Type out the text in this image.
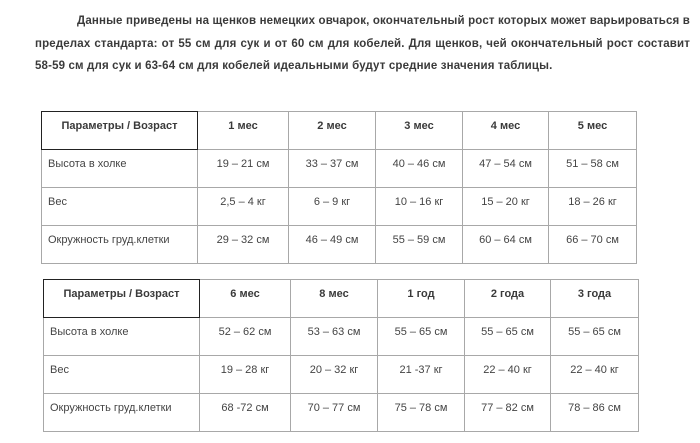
Данные приведены на щенков немецких овчарок, окончательный рост которых может варьироваться в пределах стандарта: от 55 см для сук и от 60 см для кобелей. Для щенков, чей окончательный рост составит 58-59 см для сук и 63-64 см для кобелей идеальными будут средние значения таблицы.
Параметры / Возраст	1 мес	2 мес	3 мес	4 мес	5 мес
Высота в холке	19 – 21 см	33 – 37 см	40 – 46 см	47 – 54 см	51 – 58 см
Вес	2,5 – 4 кг	6 – 9 кг	10 – 16 кг	15 – 20 кг	18 – 26 кг
Окружность груд.клетки	29 – 32 см	46 – 49 см	55 – 59 см	60 – 64 см	66 – 70 см
Параметры / Возраст	6 мес	8 мес	1 год	2 года	3 года
Высота в холке	52 – 62 см	53 – 63 см	55 – 65 см	55 – 65 см	55 – 65 см
Вес	19 – 28 кг	20 – 32 кг	21 -37 кг	22 – 40 кг	22 – 40 кг
Окружность груд.клетки	68 -72 см	70 – 77 см	75 – 78 см	77 – 82 см	78 – 86 см
